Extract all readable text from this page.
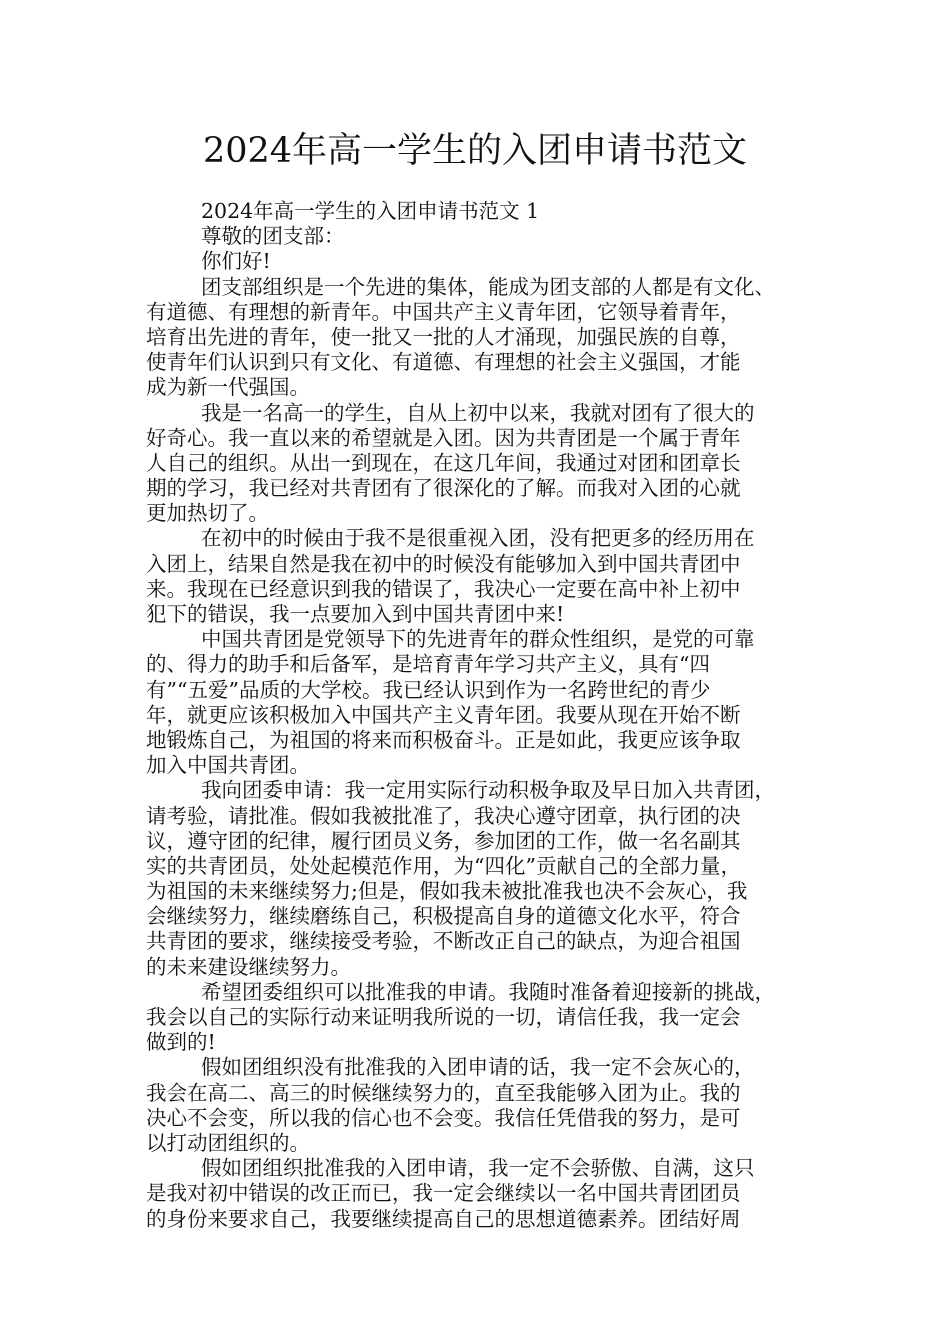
2024年高一学生的入团申请书范文
2024年高一学生的入团申请书范文 1
尊敬的团支部：
你们好!
团支部组织是一个先进的集体，能成为团支部的人都是有文化、
有道德、有理想的新青年。中国共产主义青年团，它领导着青年，
培育出先进的青年，使一批又一批的人才涌现，加强民族的自尊，
使青年们认识到只有文化、有道德、有理想的社会主义强国，才能
成为新一代强国。
我是一名高一的学生，自从上初中以来，我就对团有了很大的
好奇心。我一直以来的希望就是入团。因为共青团是一个属于青年
人自己的组织。从出一到现在，在这几年间，我通过对团和团章长
期的学习，我已经对共青团有了很深化的了解。而我对入团的心就
更加热切了。
在初中的时候由于我不是很重视入团，没有把更多的经历用在
入团上，结果自然是我在初中的时候没有能够加入到中国共青团中
来。我现在已经意识到我的错误了，我决心一定要在高中补上初中
犯下的错误，我一点要加入到中国共青团中来!
中国共青团是党领导下的先进青年的群众性组织，是党的可靠
的、得力的助手和后备军，是培育青年学习共产主义，具有“四
有”“五爱”品质的大学校。我已经认识到作为一名跨世纪的青少
年，就更应该积极加入中国共产主义青年团。我要从现在开始不断
地锻炼自己，为祖国的将来而积极奋斗。正是如此，我更应该争取
加入中国共青团。
我向团委申请：我一定用实际行动积极争取及早日加入共青团，
请考验，请批准。假如我被批准了，我决心遵守团章，执行团的决
议，遵守团的纪律，履行团员义务，参加团的工作，做一名名副其
实的共青团员，处处起模范作用，为“四化”贡献自己的全部力量，
为祖国的未来继续努力;但是，假如我未被批准我也决不会灰心，我
会继续努力，继续磨练自己，积极提高自身的道德文化水平，符合
共青团的要求，继续接受考验，不断改正自己的缺点，为迎合祖国
的未来建设继续努力。
希望团委组织可以批准我的申请。我随时准备着迎接新的挑战，
我会以自己的实际行动来证明我所说的一切，请信任我，我一定会
做到的!
假如团组织没有批准我的入团申请的话，我一定不会灰心的，
我会在高二、高三的时候继续努力的，直至我能够入团为止。我的
决心不会变，所以我的信心也不会变。我信任凭借我的努力，是可
以打动团组织的。
假如团组织批准我的入团申请，我一定不会骄傲、自满，这只
是我对初中错误的改正而已，我一定会继续以一名中国共青团团员
的身份来要求自己，我要继续提高自己的思想道德素养。团结好周
